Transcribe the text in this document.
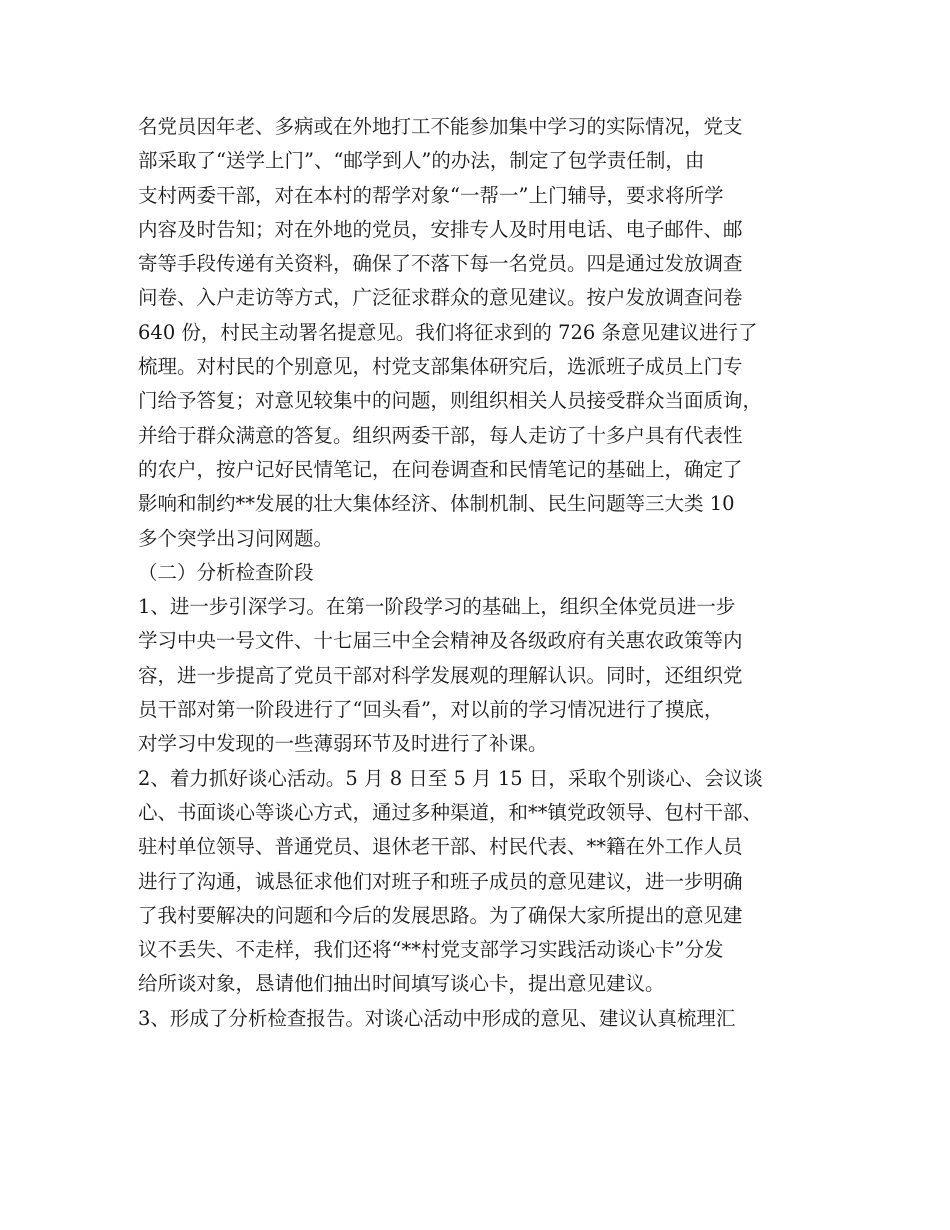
名党员因年老、多病或在外地打工不能参加集中学习的实际情况，党支
部采取了“送学上门”、“邮学到人”的办法，制定了包学责任制，由
支村两委干部，对在本村的帮学对象“一帮一”上门辅导，要求将所学
内容及时告知；对在外地的党员，安排专人及时用电话、电子邮件、邮
寄等手段传递有关资料，确保了不落下每一名党员。四是通过发放调查
问卷、入户走访等方式，广泛征求群众的意见建议。按户发放调查问卷
640 份，村民主动署名提意见。我们将征求到的 726 条意见建议进行了
梳理。对村民的个别意见，村党支部集体研究后，选派班子成员上门专
门给予答复；对意见较集中的问题，则组织相关人员接受群众当面质询，
并给于群众满意的答复。组织两委干部，每人走访了十多户具有代表性
的农户，按户记好民情笔记，在问卷调查和民情笔记的基础上，确定了
影响和制约**发展的壮大集体经济、体制机制、民生问题等三大类 10
多个突学出习问网题。
（二）分析检查阶段
1、进一步引深学习。在第一阶段学习的基础上，组织全体党员进一步
学习中央一号文件、十七届三中全会精神及各级政府有关惠农政策等内
容，进一步提高了党员干部对科学发展观的理解认识。同时，还组织党
员干部对第一阶段进行了“回头看”，对以前的学习情况进行了摸底，
对学习中发现的一些薄弱环节及时进行了补课。
2、着力抓好谈心活动。5 月 8 日至 5 月 15 日，采取个别谈心、会议谈
心、书面谈心等谈心方式，通过多种渠道，和**镇党政领导、包村干部、
驻村单位领导、普通党员、退休老干部、村民代表、**籍在外工作人员
进行了沟通，诚恳征求他们对班子和班子成员的意见建议，进一步明确
了我村要解决的问题和今后的发展思路。为了确保大家所提出的意见建
议不丢失、不走样，我们还将“**村党支部学习实践活动谈心卡”分发
给所谈对象，恳请他们抽出时间填写谈心卡，提出意见建议。
3、形成了分析检查报告。对谈心活动中形成的意见、建议认真梳理汇
